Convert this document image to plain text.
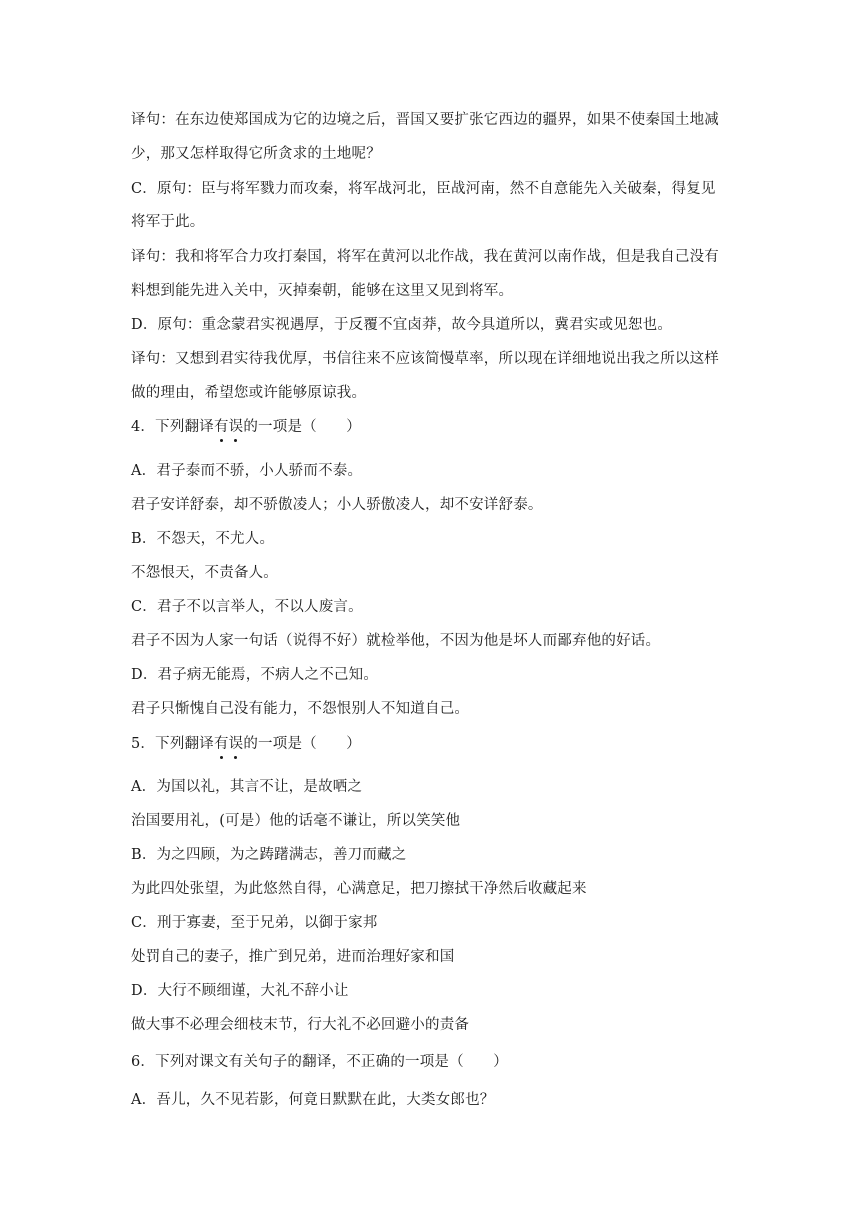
译句：在东边使郑国成为它的边境之后，晋国又要扩张它西边的疆界，如果不使秦国土地减
少，那又怎样取得它所贪求的土地呢？
C．原句：臣与将军戮力而攻秦，将军战河北，臣战河南，然不自意能先入关破秦，得复见
将军于此。
译句：我和将军合力攻打秦国，将军在黄河以北作战，我在黄河以南作战，但是我自己没有
料想到能先进入关中，灭掉秦朝，能够在这里又见到将军。
D．原句：重念蒙君实视遇厚，于反覆不宜卤莽，故今具道所以，冀君实或见恕也。
译句：又想到君实待我优厚，书信往来不应该简慢草率，所以现在详细地说出我之所以这样
做的理由，希望您或许能够原谅我。
4．下列翻译有误的一项是（　　）
A．君子泰而不骄，小人骄而不泰。
君子安详舒泰，却不骄傲凌人；小人骄傲凌人，却不安详舒泰。
B．不怨天，不尤人。
不怨恨天，不责备人。
C．君子不以言举人，不以人废言。
君子不因为人家一句话（说得不好）就检举他，不因为他是坏人而鄙弃他的好话。
D．君子病无能焉，不病人之不己知。
君子只惭愧自己没有能力，不怨恨别人不知道自己。
5．下列翻译有误的一项是（　　）
A．为国以礼，其言不让，是故哂之
治国要用礼，(可是）他的话毫不谦让，所以笑笑他
B．为之四顾，为之踌躇满志，善刀而藏之
为此四处张望，为此悠然自得，心满意足，把刀擦拭干净然后收藏起来
C．刑于寡妻，至于兄弟，以御于家邦
处罚自己的妻子，推广到兄弟，进而治理好家和国
D．大行不顾细谨，大礼不辞小让
做大事不必理会细枝末节，行大礼不必回避小的责备
6．下列对课文有关句子的翻译，不正确的一项是（　　）
A．吾儿，久不见若影，何竟日默默在此，大类女郎也？
